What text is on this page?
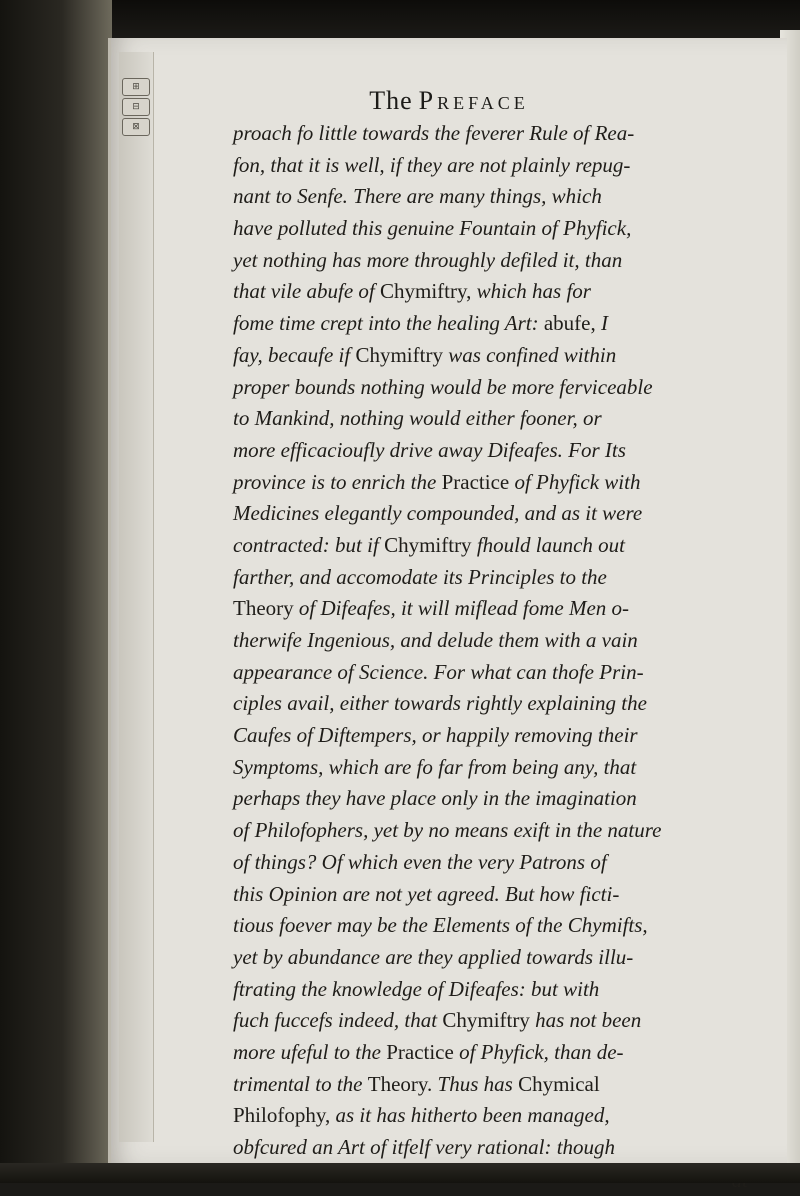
⊞
⊟
⊠
The Preface
proach fo little towards the feverer Rule of Rea-
fon, that it is well, if they are not plainly repug-
nant to Senfe. There are many things, which
have polluted this genuine Fountain of Phyfick,
yet nothing has more throughly defiled it, than
that vile abufe of Chymiftry, which has for
fome time crept into the healing Art: abufe, I
fay, becaufe if Chymiftry was confined within
proper bounds nothing would be more ferviceable
to Mankind, nothing would either fooner, or
more efficacioufly drive away Difeafes. For Its
province is to enrich the Practice of Phyfick with
Medicines elegantly compounded, and as it were
contracted: but if Chymiftry fhould launch out
farther, and accomodate its Principles to the
Theory of Difeafes, it will miflead fome Men o-
therwife Ingenious, and delude them with a vain
appearance of Science. For what can thofe Prin-
ciples avail, either towards rightly explaining the
Caufes of Diftempers, or happily removing their
Symptoms, which are fo far from being any, that
perhaps they have place only in the imagination
of Philofophers, yet by no means exift in the nature
of things? Of which even the very Patrons of
this Opinion are not yet agreed. But how ficti-
tious foever may be the Elements of the Chymifts,
yet by abundance are they applied towards illu-
ftrating the knowledge of Difeafes: but with
fuch fuccefs indeed, that Chymiftry has not been
more ufeful to the Practice of Phyfick, than de-
trimental to the Theory. Thus has Chymical
Philofophy, as it has hitherto been managed,
obfcured an Art of itfelf very rational: though
